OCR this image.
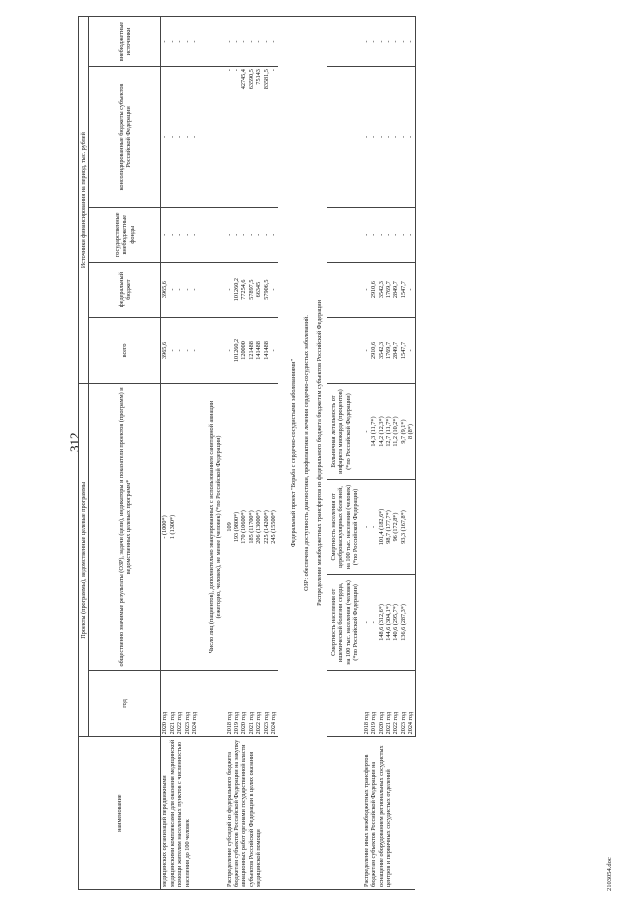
312
наименование	Проекты (программы), ведомственные целевые программы				Источники финансирования на период, тыс. рублей				
	год	общественно значимые результаты (ОЗР), задачи (цели), индикаторы и показатели проектов (программ) и ведомственных целевых программ*			всего	федеральный бюджет	государственные внебюджетные фонды	консолидированные бюджеты субъектов Российской Федерации	внебюджетные источники
медицинских организаций передвижными медицинскими комплексами для оказания медицинской помощи жителям населенных пунктов с численностью населения до 100 человек	2020 год	- (1000*)			3965,6	3965,6	-	-	-
	2021 год	1 (1300*)			-	-	-	-	-
	2022 год				-	-	-	-	-
	2023 год				-	-	-	-	-
	2024 год				-	-	-	-	-

		Число лиц (пациентов), дополнительно эвакуированных с использованием санитарной авиации (ежегодно, человек), не менее (человек) (*по Российской Федерации)							
Распределение субсидий из федерального бюджета бюджетам субъектов Российской Федерации на закупку авиационных работ органами государственной власти субъектов Российской Федерации в целях оказания медицинской помощи	2018 год	109			-	-	-	-	-
	2019 год	193 (9800*)			101260,2	101260,2	-	-	-
	2020 год	170 (10600*)			120000	77254,6	-	42745,4	-
	2021 год	185 (11700*)			121488	57897,5	-	63590,5	-
	2022 год	206 (13000*)			141488	66345	-	75143	-
	2023 год	225 (14200*)			141488	57906,5	-	83581,5	-
	2024 год	245 (15500*)			-	-	-	-	-
Федеральный проект "Борьба с сердечно-сосудистыми заболеваниями"									
ОЗР: обеспечена доступность диагностики, профилактики и лечения сердечно-сосудистых заболеваний.									
Распределение межбюджетных трансфертов из федерального бюджета бюджетам субъектов Российской Федерации									
		Смертность населения от ишемической болезни сердца, на 100 тыс. населения (человек) (*по Российской Федерации)	Смертность населения от цереброваскулярных болезней, на 100 тыс. населения (человек) (*по Российской Федерации)	Больничная летальность от инфаркта миокарда (процентов) (*по Российской Федерации)					
Распределение иных межбюджетных трансфертов бюджетам субъектов Российской Федерации на оснащение оборудованием региональных сосудистых центров и первичных сосудистых отделений	2018 год	-	-	-	-	-	-	-	-
	2019 год	-	-	14,3 (11,7*)	2910,6	2910,6	-	-	-
	2020 год	148,6 (312,6*)	101,4 (182,6*)	14,2 (12,3*)	3542,3	3542,3	-	-	-
	2021 год	144,6 (304,1*)	98,7 (177,7*)	12,7 (11,7*)	1769,7	1769,7	-	-	-
	2022 год	140,6 (295,7*)	96 (172,8*)	11,2 (10,2*)	2849,7	2849,7	-	-	-
	2023 год	136,6 (287,3*)	93,3 (167,8*)	9,7 (9,1*)	1547,7	1547,7	-	-	-
	2024 год			8 (8*)	-	-	-	-	-
2103054.doc
